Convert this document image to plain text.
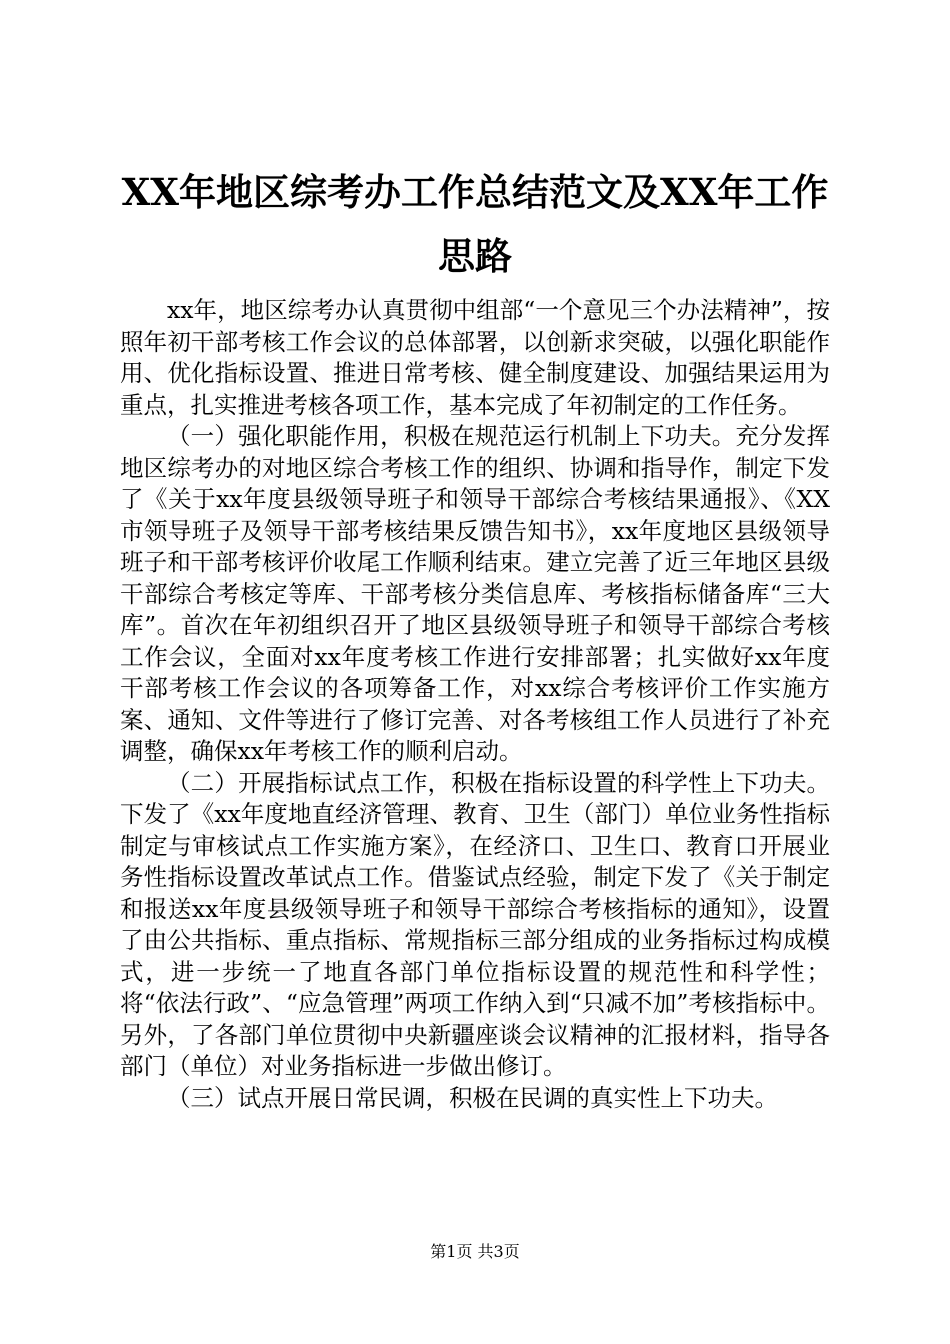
XX年地区综考办工作总结范文及XX年工作思路

xx年，地区综考办认真贯彻中组部“一个意见三个办法精神”，按照年初干部考核工作会议的总体部署，以创新求突破，以强化职能作用、优化指标设置、推进日常考核、健全制度建设、加强结果运用为重点，扎实推进考核各项工作，基本完成了年初制定的工作任务。

（一）强化职能作用，积极在规范运行机制上下功夫。充分发挥地区综考办的对地区综合考核工作的组织、协调和指导作，制定下发了《关于xx年度县级领导班子和领导干部综合考核结果通报》、《XX市领导班子及领导干部考核结果反馈告知书》，xx年度地区县级领导班子和干部考核评价收尾工作顺利结束。建立完善了近三年地区县级干部综合考核定等库、干部考核分类信息库、考核指标储备库“三大库”。首次在年初组织召开了地区县级领导班子和领导干部综合考核工作会议，全面对xx年度考核工作进行安排部署；扎实做好xx年度干部考核工作会议的各项筹备工作，对xx综合考核评价工作实施方案、通知、文件等进行了修订完善、对各考核组工作人员进行了补充调整，确保xx年考核工作的顺利启动。

（二）开展指标试点工作，积极在指标设置的科学性上下功夫。下发了《xx年度地直经济管理、教育、卫生（部门）单位业务性指标制定与审核试点工作实施方案》，在经济口、卫生口、教育口开展业务性指标设置改革试点工作。借鉴试点经验，制定下发了《关于制定和报送xx年度县级领导班子和领导干部综合考核指标的通知》，设置了由公共指标、重点指标、常规指标三部分组成的业务指标过构成模式，进一步统一了地直各部门单位指标设置的规范性和科学性；将“依法行政”、“应急管理”两项工作纳入到“只减不加”考核指标中。另外，了各部门单位贯彻中央新疆座谈会议精神的汇报材料，指导各部门（单位）对业务指标进一步做出修订。

（三）试点开展日常民调，积极在民调的真实性上下功夫。

第1页 共3页
